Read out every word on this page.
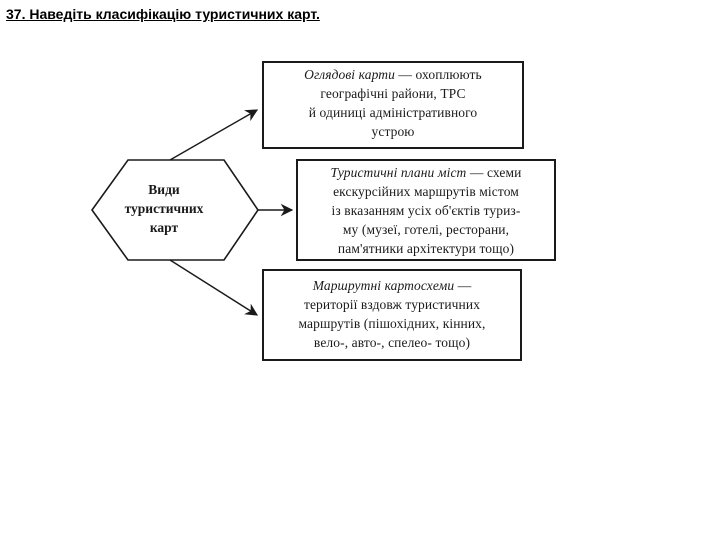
37. Наведіть класифікацію туристичних карт.
Види
туристичних
карт
Оглядові карти — охоплюють
географічні райони, ТРС
й одиниці адміністративного
устрою
Туристичні плани міст — схеми
екскурсійних маршрутів містом
із вказанням усіх об'єктів туриз-
му (музеї, готелі, ресторани,
пам'ятники архітектури тощо)
Маршрутні картосхеми —
території вздовж туристичних
маршрутів (пішохідних, кінних,
вело-, авто-, спелео- тощо)
